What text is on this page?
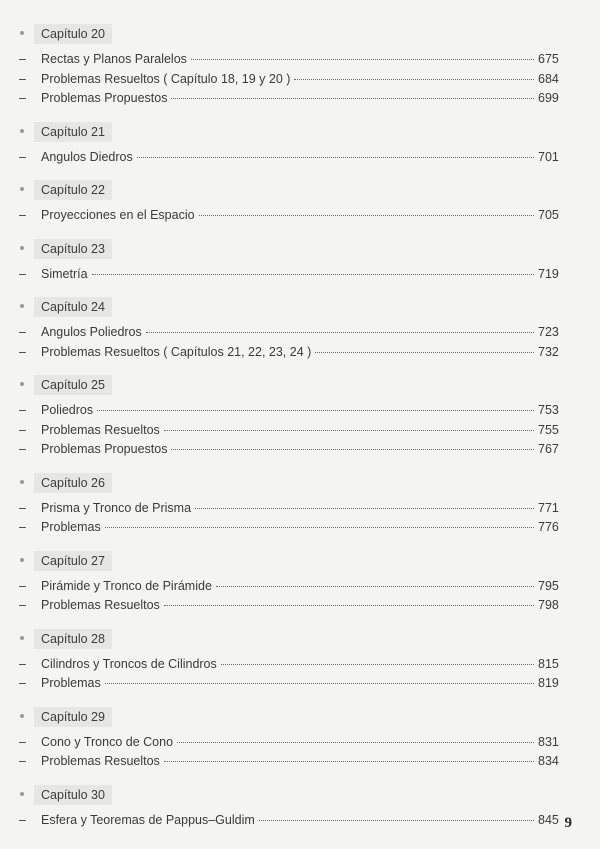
Capítulo 20
– Rectas y Planos Paralelos	675
– Problemas Resueltos ( Capítulo 18, 19 y 20 )	684
– Problemas Propuestos	699
Capítulo 21
– Angulos Diedros	701
Capítulo 22
– Proyecciones en el Espacio	705
Capítulo 23
– Simetría	719
Capítulo 24
– Angulos Poliedros	723
– Problemas Resueltos ( Capítulos 21, 22, 23, 24 )	732
Capítulo 25
– Poliedros	753
– Problemas Resueltos	755
– Problemas Propuestos	767
Capítulo 26
– Prisma y Tronco de Prisma	771
– Problemas	776
Capítulo 27
– Pirámide y Tronco de Pirámide	795
– Problemas Resueltos	798
Capítulo 28
– Cilindros y Troncos de Cilindros	815
– Problemas	819
Capítulo 29
– Cono y Tronco de Cono	831
– Problemas Resueltos	834
Capítulo 30
– Esfera y Teoremas de Pappus–Guldim	845 9
